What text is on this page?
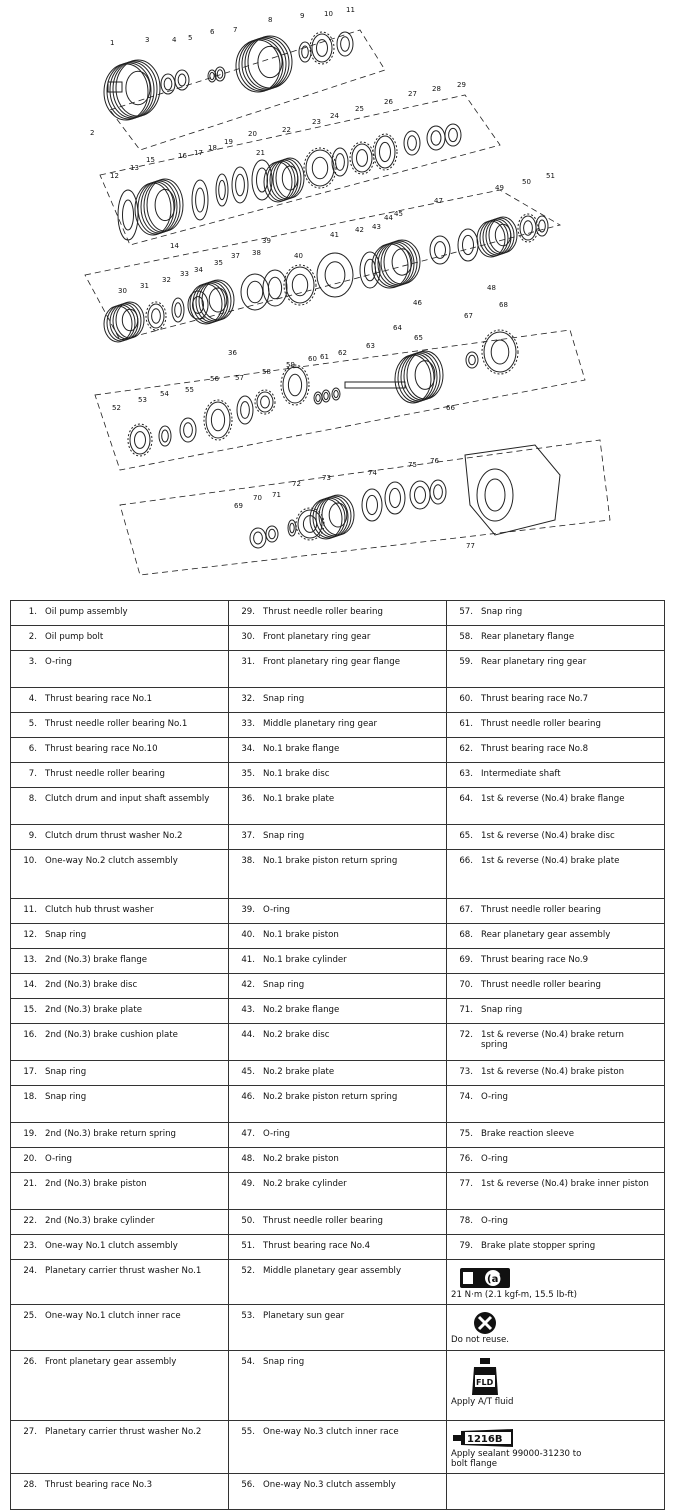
1
2
3	4 5
6	7
8	9	10 11
12
13
14
15	16 17
18
19
20
21
22
23
24
25
26
27
28 29
30
31
32
33 34
35
36
37 38
39
40
41
42 43
44 45
46
47
48
49
50
51
52
53
54 55
56 57
58
59
60 61 62
63
64
65
66
67
68
69
70 71
72
73
74
75 76
77
1. Oil pump assembly	29. Thrust needle roller bearing	57. Snap ring
2. Oil pump bolt	30. Front planetary ring gear	58. Rear planetary flange
3. O-ring	31. Front planetary ring gear flange	59. Rear planetary ring gear
4. Thrust bearing race No.1	32. Snap ring	60. Thrust bearing race No.7
5. Thrust needle roller bearing No.1	33. Middle planetary ring gear	61. Thrust needle roller bearing
6. Thrust bearing race No.10	34. No.1 brake flange	62. Thrust bearing race No.8
7. Thrust needle roller bearing	35. No.1 brake disc	63. Intermediate shaft
8. Clutch drum and input shaft assembly	36. No.1 brake plate	64. 1st & reverse (No.4) brake flange
9. Clutch drum thrust washer No.2	37. Snap ring	65. 1st & reverse (No.4) brake disc
10. One-way No.2 clutch assembly	38. No.1 brake piston return spring	66. 1st & reverse (No.4) brake plate
11. Clutch hub thrust washer	39. O-ring	67. Thrust needle roller bearing
12. Snap ring	40. No.1 brake piston	68. Rear planetary gear assembly
13. 2nd (No.3) brake flange	41. No.1 brake cylinder	69. Thrust bearing race No.9
14. 2nd (No.3) brake disc	42. Snap ring	70. Thrust needle roller bearing
15. 2nd (No.3) brake plate	43. No.2 brake flange	71. Snap ring
16. 2nd (No.3) brake cushion plate	44. No.2 brake disc	72. 1st & reverse (No.4) brake return spring
17. Snap ring	45. No.2 brake plate	73. 1st & reverse (No.4) brake piston
18. Snap ring	46. No.2 brake piston return spring	74. O-ring
19. 2nd (No.3) brake return spring	47. O-ring	75. Brake reaction sleeve
20. O-ring	48. No.2 brake piston	76. O-ring
21. 2nd (No.3) brake piston	49. No.2 brake cylinder	77. 1st & reverse (No.4) brake inner piston
22. 2nd (No.3) brake cylinder	50. Thrust needle roller bearing	78. O-ring
23. One-way No.1 clutch assembly	51. Thrust bearing race No.4	79. Brake plate stopper spring
24. Planetary carrier thrust washer No.1	52. Middle planetary gear assembly	(a)
21 N·m (2.1 kgf-m, 15.5 lb-ft)
25. One-way No.1 clutch inner race	53. Planetary sun gear	Do not reuse.
26. Front planetary gear assembly	54. Snap ring	FLD
Apply A/T fluid
27. Planetary carrier thrust washer No.2	55. One-way No.3 clutch inner race	1216B
Apply sealant 99000-31230 to bolt flange
28. Thrust bearing race No.3	56. One-way No.3 clutch assembly	
